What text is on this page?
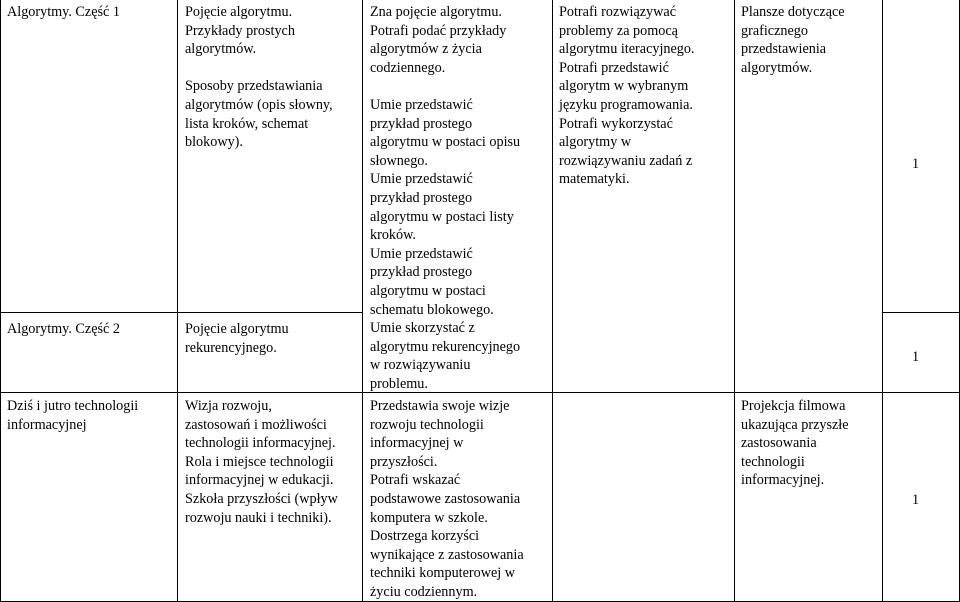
Algorytmy. Część 1	Pojęcie algorytmu.
Przykłady prostych
algorytmów.

Sposoby przedstawiania
algorytmów (opis słowny,
lista kroków, schemat
blokowy).
Plansze dotyczące
graficznego
przedstawienia
algorytmów.
1
Zna pojęcie algorytmu.
Potrafi podać przykłady
algorytmów z życia
codziennego.

Umie przedstawić
przykład prostego
algorytmu w postaci opisu
słownego.
Umie przedstawić
przykład prostego
algorytmu w postaci listy
kroków.
Umie przedstawić
przykład prostego
algorytmu w postaci
schematu blokowego.
Umie skorzystać z
algorytmu rekurencyjnego
w rozwiązywaniu
problemu.
Potrafi rozwiązywać
problemy za pomocą
algorytmu iteracyjnego.
Potrafi przedstawić
algorytm w wybranym
języku programowania.
Potrafi wykorzystać
algorytmy w
rozwiązywaniu zadań z
matematyki.
Algorytmy. Część 2	Pojęcie algorytmu
rekurencyjnego.
1
Dziś i jutro technologii
informacyjnej
Wizja rozwoju,
zastosowań i możliwości
technologii informacyjnej.
Rola i miejsce technologii
informacyjnej w edukacji.
Szkoła przyszłości (wpływ
rozwoju nauki i techniki).
Przedstawia swoje wizje
rozwoju technologii
informacyjnej w
przyszłości.
Potrafi wskazać
podstawowe zastosowania
komputera w szkole.
Dostrzega korzyści
wynikające z zastosowania
techniki komputerowej w
życiu codziennym.
Projekcja filmowa
ukazująca przyszłe
zastosowania
technologii
informacyjnej.
1
